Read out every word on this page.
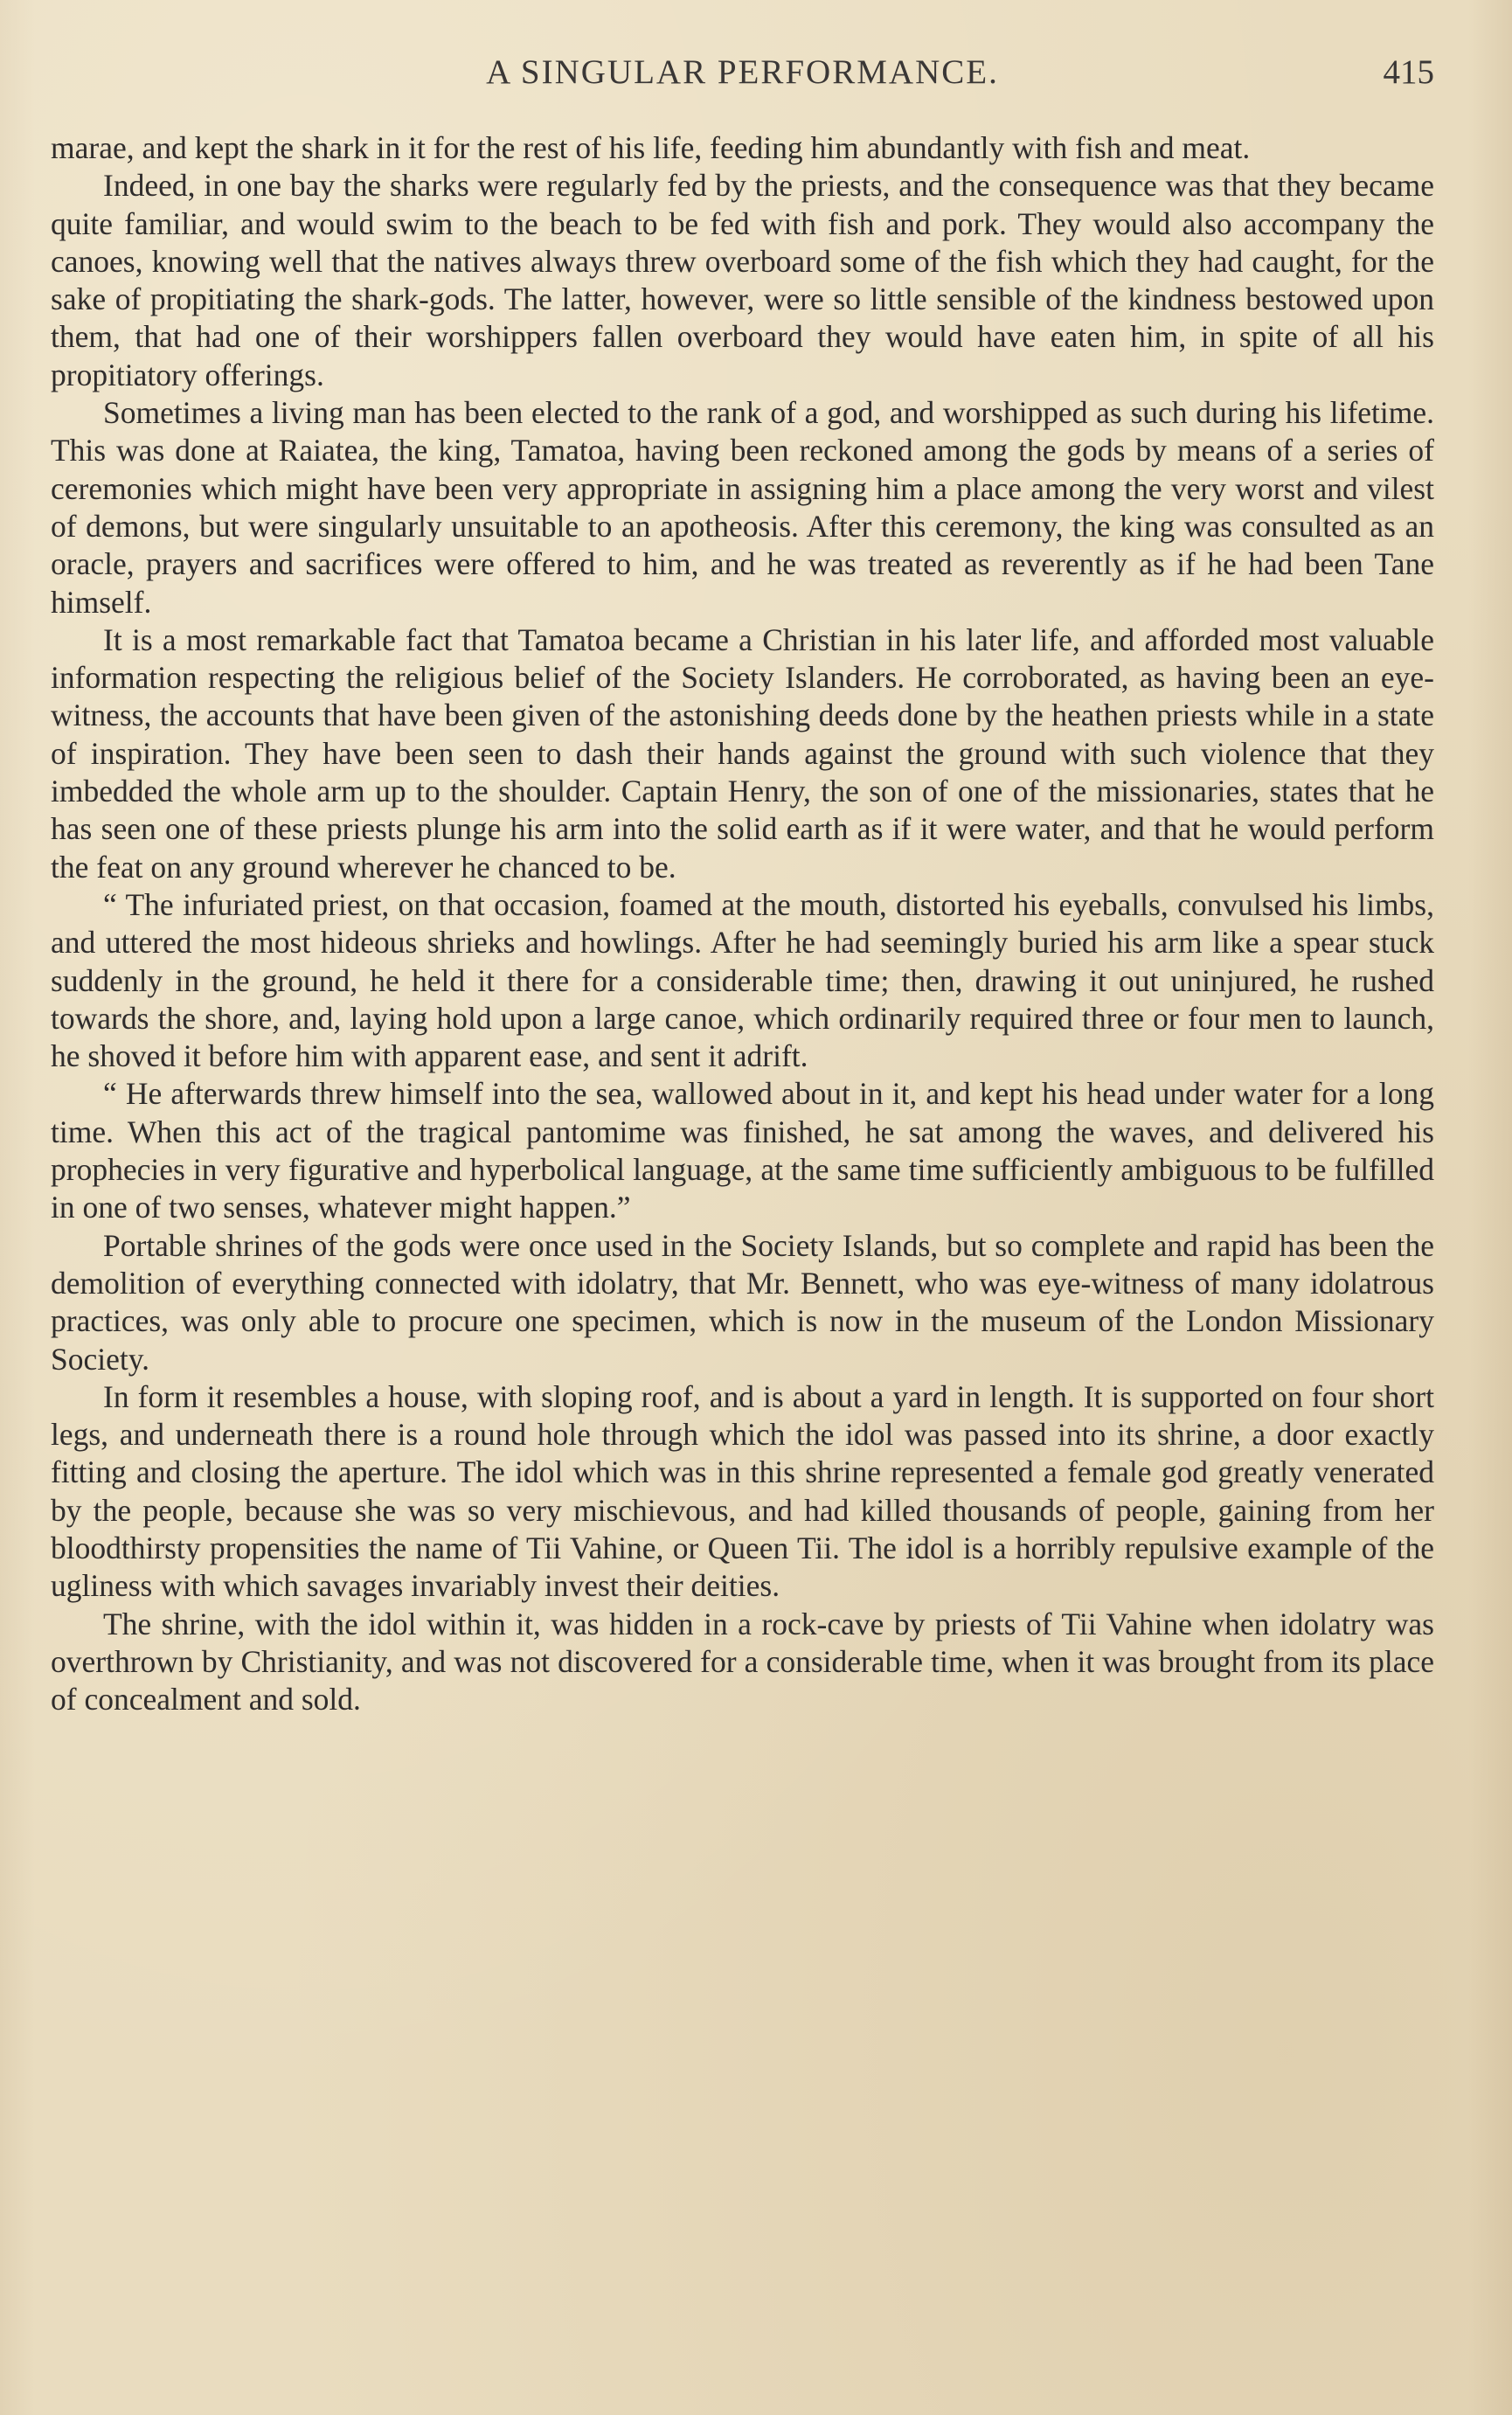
A SINGULAR PERFORMANCE.	415

marae, and kept the shark in it for the rest of his life, feeding him abundantly with fish and meat.

Indeed, in one bay the sharks were regularly fed by the priests, and the consequence was that they became quite familiar, and would swim to the beach to be fed with fish and pork. They would also accompany the canoes, knowing well that the natives always threw overboard some of the fish which they had caught, for the sake of propitiating the shark-gods. The latter, however, were so little sensible of the kindness bestowed upon them, that had one of their worshippers fallen overboard they would have eaten him, in spite of all his propitiatory offerings.

Sometimes a living man has been elected to the rank of a god, and worshipped as such during his lifetime. This was done at Raiatea, the king, Tamatoa, having been reckoned among the gods by means of a series of ceremonies which might have been very appropriate in assigning him a place among the very worst and vilest of demons, but were singularly unsuitable to an apotheosis. After this ceremony, the king was consulted as an oracle, prayers and sacrifices were offered to him, and he was treated as reverently as if he had been Tane himself.

It is a most remarkable fact that Tamatoa became a Christian in his later life, and afforded most valuable information respecting the religious belief of the Society Islanders. He corroborated, as having been an eye-witness, the accounts that have been given of the astonishing deeds done by the heathen priests while in a state of inspiration. They have been seen to dash their hands against the ground with such violence that they imbedded the whole arm up to the shoulder. Captain Henry, the son of one of the missionaries, states that he has seen one of these priests plunge his arm into the solid earth as if it were water, and that he would perform the feat on any ground wherever he chanced to be.

“ The infuriated priest, on that occasion, foamed at the mouth, distorted his eyeballs, convulsed his limbs, and uttered the most hideous shrieks and howlings. After he had seemingly buried his arm like a spear stuck suddenly in the ground, he held it there for a considerable time; then, drawing it out uninjured, he rushed towards the shore, and, laying hold upon a large canoe, which ordinarily required three or four men to launch, he shoved it before him with apparent ease, and sent it adrift.

“ He afterwards threw himself into the sea, wallowed about in it, and kept his head under water for a long time. When this act of the tragical pantomime was finished, he sat among the waves, and delivered his prophecies in very figurative and hyperbolical language, at the same time sufficiently ambiguous to be fulfilled in one of two senses, whatever might happen.”

Portable shrines of the gods were once used in the Society Islands, but so complete and rapid has been the demolition of everything connected with idolatry, that Mr. Bennett, who was eye-witness of many idolatrous practices, was only able to procure one specimen, which is now in the museum of the London Missionary Society.

In form it resembles a house, with sloping roof, and is about a yard in length. It is supported on four short legs, and underneath there is a round hole through which the idol was passed into its shrine, a door exactly fitting and closing the aperture. The idol which was in this shrine represented a female god greatly venerated by the people, because she was so very mischievous, and had killed thousands of people, gaining from her bloodthirsty propensities the name of Tii Vahine, or Queen Tii. The idol is a horribly repulsive example of the ugliness with which savages invariably invest their deities.

The shrine, with the idol within it, was hidden in a rock-cave by priests of Tii Vahine when idolatry was overthrown by Christianity, and was not discovered for a considerable time, when it was brought from its place of concealment and sold.
